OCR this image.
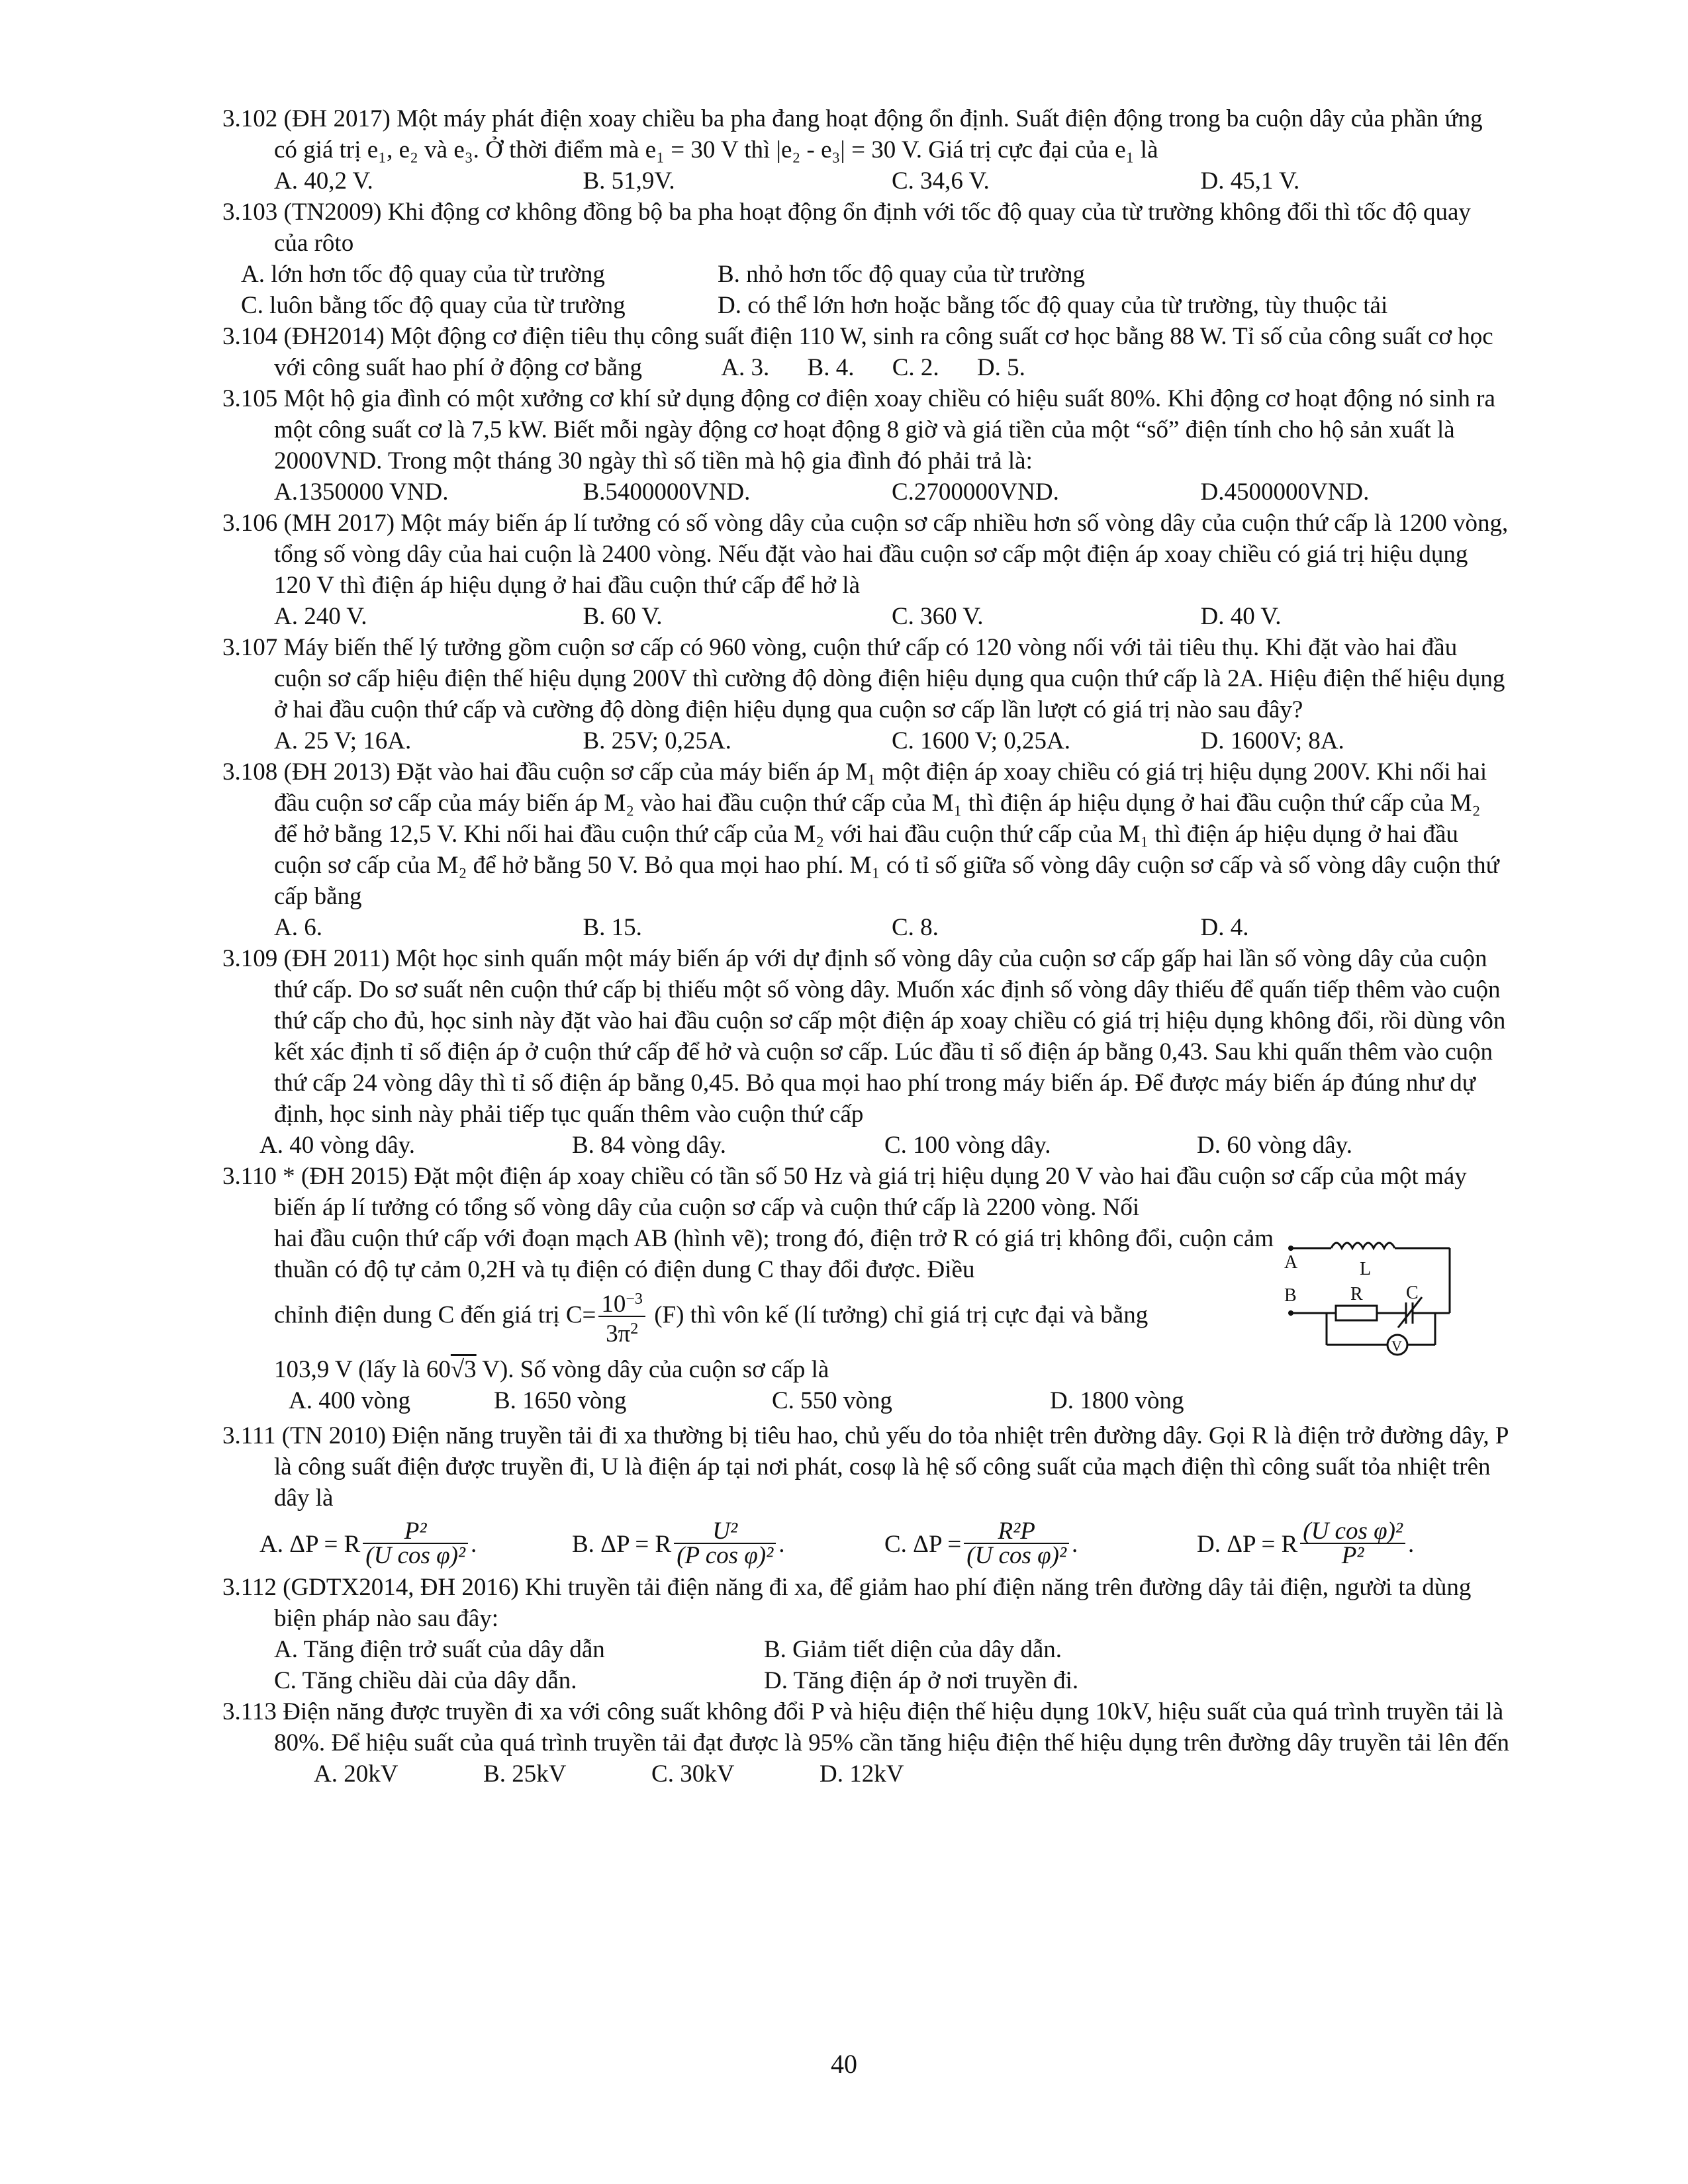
3.102 (ĐH 2017) Một máy phát điện xoay chiều ba pha đang hoạt động ổn định. Suất điện động trong ba cuộn dây của phần ứng có giá trị e₁, e₂ và e₃. Ở thời điểm mà e₁ = 30 V thì |e₂ - e₃| = 30 V. Giá trị cực đại của e₁ là
A. 40,2 V.	B. 51,9V.	C. 34,6 V.	D. 45,1 V.
3.103 (TN2009) Khi động cơ không đồng bộ ba pha hoạt động ổn định với tốc độ quay của từ trường không đổi thì tốc độ quay của rôto
A. lớn hơn tốc độ quay của từ trường	B. nhỏ hơn tốc độ quay của từ trường
C. luôn bằng tốc độ quay của từ trường	D. có thể lớn hơn hoặc bằng tốc độ quay của từ trường, tùy thuộc tải
3.104 (ĐH2014) Một động cơ điện tiêu thụ công suất điện 110 W, sinh ra công suất cơ học bằng 88 W. Tỉ số của công suất cơ học với công suất hao phí ở động cơ bằng	A. 3. B. 4. C. 2. D. 5.
3.105 Một hộ gia đình có một xưởng cơ khí sử dụng động cơ điện xoay chiều có hiệu suất 80%. Khi động cơ hoạt động nó sinh ra một công suất cơ là 7,5 kW. Biết mỗi ngày động cơ hoạt động 8 giờ và giá tiền của một “số” điện tính cho hộ sản xuất là 2000VND. Trong một tháng 30 ngày thì số tiền mà hộ gia đình đó phải trả là:
A.1350000 VND.	B.5400000VND.	C.2700000VND.	D.4500000VND.
3.106 (MH 2017) Một máy biến áp lí tưởng có số vòng dây của cuộn sơ cấp nhiều hơn số vòng dây của cuộn thứ cấp là 1200 vòng, tổng số vòng dây của hai cuộn là 2400 vòng. Nếu đặt vào hai đầu cuộn sơ cấp một điện áp xoay chiều có giá trị hiệu dụng 120 V thì điện áp hiệu dụng ở hai đầu cuộn thứ cấp để hở là
A. 240 V.	B. 60 V.	C. 360 V.	D. 40 V.
3.107 Máy biến thế lý tưởng gồm cuộn sơ cấp có 960 vòng, cuộn thứ cấp có 120 vòng nối với tải tiêu thụ. Khi đặt vào hai đầu cuộn sơ cấp hiệu điện thế hiệu dụng 200V thì cường độ dòng điện hiệu dụng qua cuộn thứ cấp là 2A. Hiệu điện thế hiệu dụng ở hai đầu cuộn thứ cấp và cường độ dòng điện hiệu dụng qua cuộn sơ cấp lần lượt có giá trị nào sau đây?
A. 25 V; 16A.	B. 25V; 0,25A.	C. 1600 V; 0,25A.	D. 1600V; 8A.
3.108 (ĐH 2013) Đặt vào hai đầu cuộn sơ cấp của máy biến áp M₁ một điện áp xoay chiều có giá trị hiệu dụng 200V. Khi nối hai đầu cuộn sơ cấp của máy biến áp M₂ vào hai đầu cuộn thứ cấp của M₁ thì điện áp hiệu dụng ở hai đầu cuộn thứ cấp của M₂ để hở bằng 12,5 V. Khi nối hai đầu cuộn thứ cấp của M₂ với hai đầu cuộn thứ cấp của M₁ thì điện áp hiệu dụng ở hai đầu cuộn sơ cấp của M₂ để hở bằng 50 V. Bỏ qua mọi hao phí. M₁ có tỉ số giữa số vòng dây cuộn sơ cấp và số vòng dây cuộn thứ cấp bằng
A. 6.	B. 15.	C. 8.	D. 4.
3.109 (ĐH 2011) Một học sinh quấn một máy biến áp với dự định số vòng dây của cuộn sơ cấp gấp hai lần số vòng dây của cuộn thứ cấp. Do sơ suất nên cuộn thứ cấp bị thiếu một số vòng dây. Muốn xác định số vòng dây thiếu để quấn tiếp thêm vào cuộn thứ cấp cho đủ, học sinh này đặt vào hai đầu cuộn sơ cấp một điện áp xoay chiều có giá trị hiệu dụng không đổi, rồi dùng vôn kết xác định tỉ số điện áp ở cuộn thứ cấp để hở và cuộn sơ cấp. Lúc đầu tỉ số điện áp bằng 0,43. Sau khi quấn thêm vào cuộn thứ cấp 24 vòng dây thì tỉ số điện áp bằng 0,45. Bỏ qua mọi hao phí trong máy biến áp. Để được máy biến áp đúng như dự định, học sinh này phải tiếp tục quấn thêm vào cuộn thứ cấp
A. 40 vòng dây.	B. 84 vòng dây.	C. 100 vòng dây.	D. 60 vòng dây.
3.110 * (ĐH 2015) Đặt một điện áp xoay chiều có tần số 50 Hz và giá trị hiệu dụng 20 V vào hai đầu cuộn sơ cấp của một máy biến áp lí tưởng có tổng số vòng dây của cuộn sơ cấp và cuộn thứ cấp là 2200 vòng. Nối
hai đầu cuộn thứ cấp với đoạn mạch AB (hình vẽ); trong đó, điện trở R có giá trị không đổi, cuộn cảm thuần có độ tự cảm 0,2H và tụ điện có điện dung C thay đổi được. Điều
chỉnh điện dung C đến giá trị $C= \frac{10^{-3}}{3\pi^2} (F)$ thì vôn kế (lí tưởng) chỉ giá trị cực đại và bằng
103,9 V (lấy là 60√3 V). Số vòng dây của cuộn sơ cấp là
A. 400 vòng	B. 1650 vòng	C. 550 vòng	D. 1800 vòng
A
B
L
R C
V
3.111 (TN 2010) Điện năng truyền tải đi xa thường bị tiêu hao, chủ yếu do tỏa nhiệt trên đường dây. Gọi R là điện trở đường dây, P là công suất điện được truyền đi, U là điện áp tại nơi phát, cosφ là hệ số công suất của mạch điện thì công suất tỏa nhiệt trên dây là
A. ΔP = R $\frac{\text{P²}}{\text{(U cos φ)²}}$ .	B. ΔP = R $\frac{\text{U²}}{\text{(P cos φ)²}}$ .	C. $\Delta P = \frac{\text{R²P}}{\text{(U cos φ)²}}$ .	D. ΔP = R $\frac{\text{(U cos φ)²}}{\text{P²}}$ .
3.112 (GDTX2014, ĐH 2016) Khi truyền tải điện năng đi xa, để giảm hao phí điện năng trên đường dây tải điện, người ta dùng biện pháp nào sau đây:
A. Tăng điện trở suất của dây dẫn	B. Giảm tiết diện của dây dẫn.
C. Tăng chiều dài của dây dẫn.	D. Tăng điện áp ở nơi truyền đi.
3.113 Điện năng được truyền đi xa với công suất không đổi P và hiệu điện thế hiệu dụng 10kV, hiệu suất của quá trình truyền tải là 80%. Để hiệu suất của quá trình truyền tải đạt được là 95% cần tăng hiệu điện thế hiệu dụng trên đường dây truyền tải lên đến A. 20kV	B. 25kV	C. 30kV	D. 12kV
40
